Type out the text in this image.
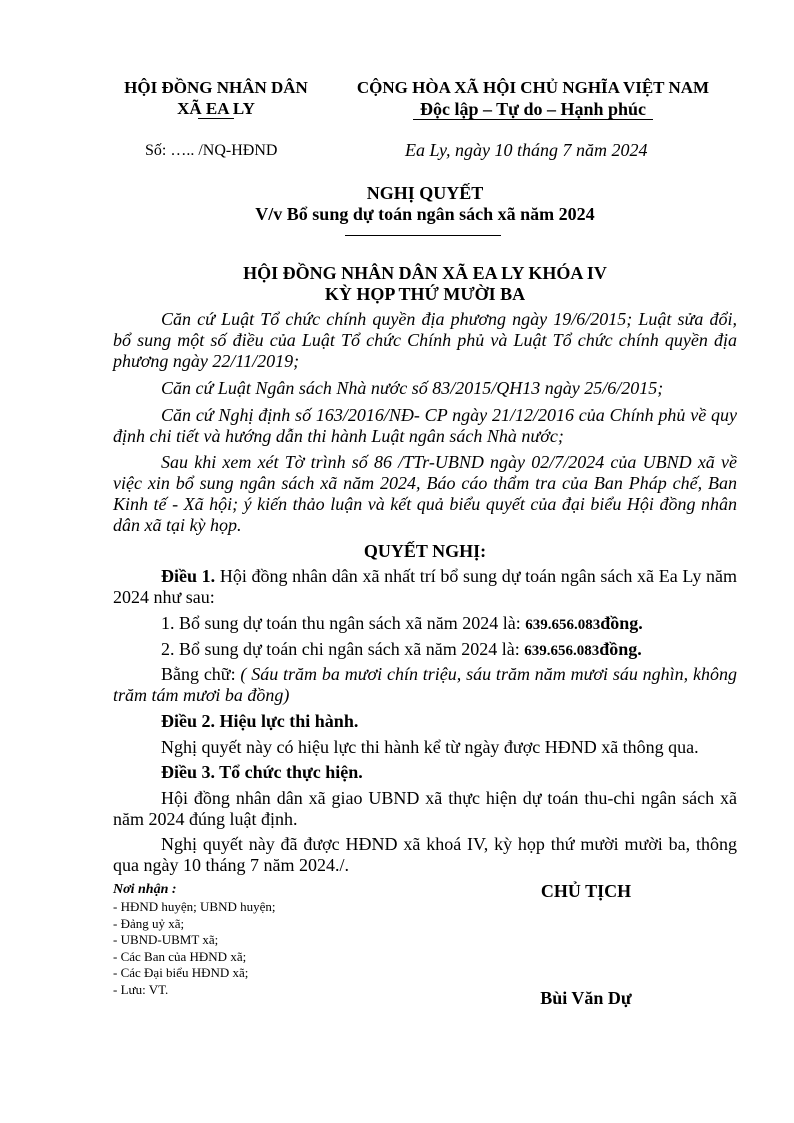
HỘI ĐỒNG NHÂN DÂN
XÃ EA LY
CỘNG HÒA XÃ HỘI CHỦ NGHĨA VIỆT NAM
Độc lập – Tự do – Hạnh phúc
Số: ….. /NQ-HĐND	Ea Ly, ngày 10 tháng 7 năm 2024
NGHỊ QUYẾT
V/v Bổ sung dự toán ngân sách xã năm 2024
HỘI ĐỒNG NHÂN DÂN XÃ EA LY KHÓA IV
KỲ HỌP THỨ MƯỜI BA
Căn cứ Luật Tổ chức chính quyền địa phương ngày 19/6/2015; Luật sửa đổi, bổ sung một số điều của Luật Tổ chức Chính phủ và Luật Tổ chức chính quyền địa phương ngày 22/11/2019;
Căn cứ Luật Ngân sách Nhà nước số 83/2015/QH13 ngày 25/6/2015;
Căn cứ Nghị định số 163/2016/NĐ- CP ngày 21/12/2016 của Chính phủ về quy định chi tiết và hướng dẫn thi hành Luật ngân sách Nhà nước;
Sau khi xem xét Tờ trình số 86 /TTr-UBND ngày 02/7/2024 của UBND xã về việc xin bổ sung ngân sách xã năm 2024, Báo cáo thẩm tra của Ban Pháp chế, Ban Kinh tế - Xã hội; ý kiến thảo luận và kết quả biểu quyết của đại biểu Hội đồng nhân dân xã tại kỳ họp.
QUYẾT NGHỊ:
Điều 1. Hội đồng nhân dân xã nhất trí bổ sung dự toán ngân sách xã Ea Ly năm 2024 như sau:
1. Bổ sung dự toán thu ngân sách xã năm 2024 là: 639.656.083đồng.
2. Bổ sung dự toán chi ngân sách xã năm 2024 là: 639.656.083đồng.
Bằng chữ: ( Sáu trăm ba mươi chín triệu, sáu trăm năm mươi sáu nghìn, không trăm tám mươi ba đồng)
Điều 2. Hiệu lực thi hành.
Nghị quyết này có hiệu lực thi hành kể từ ngày được HĐND xã thông qua.
Điều 3. Tổ chức thực hiện.
Hội đồng nhân dân xã giao UBND xã thực hiện dự toán thu-chi ngân sách xã năm 2024 đúng luật định.
Nghị quyết này đã được HĐND xã khoá IV, kỳ họp thứ mười mười ba, thông qua ngày 10 tháng 7 năm 2024./.
Nơi nhận :
- HĐND huyện; UBND huyện;
- Đảng uỷ xã;
- UBND-UBMT xã;
- Các Ban của HĐND xã;
- Các Đại biểu HĐND xã;
- Lưu: VT.
CHỦ TỊCH
Bùi Văn Dự
